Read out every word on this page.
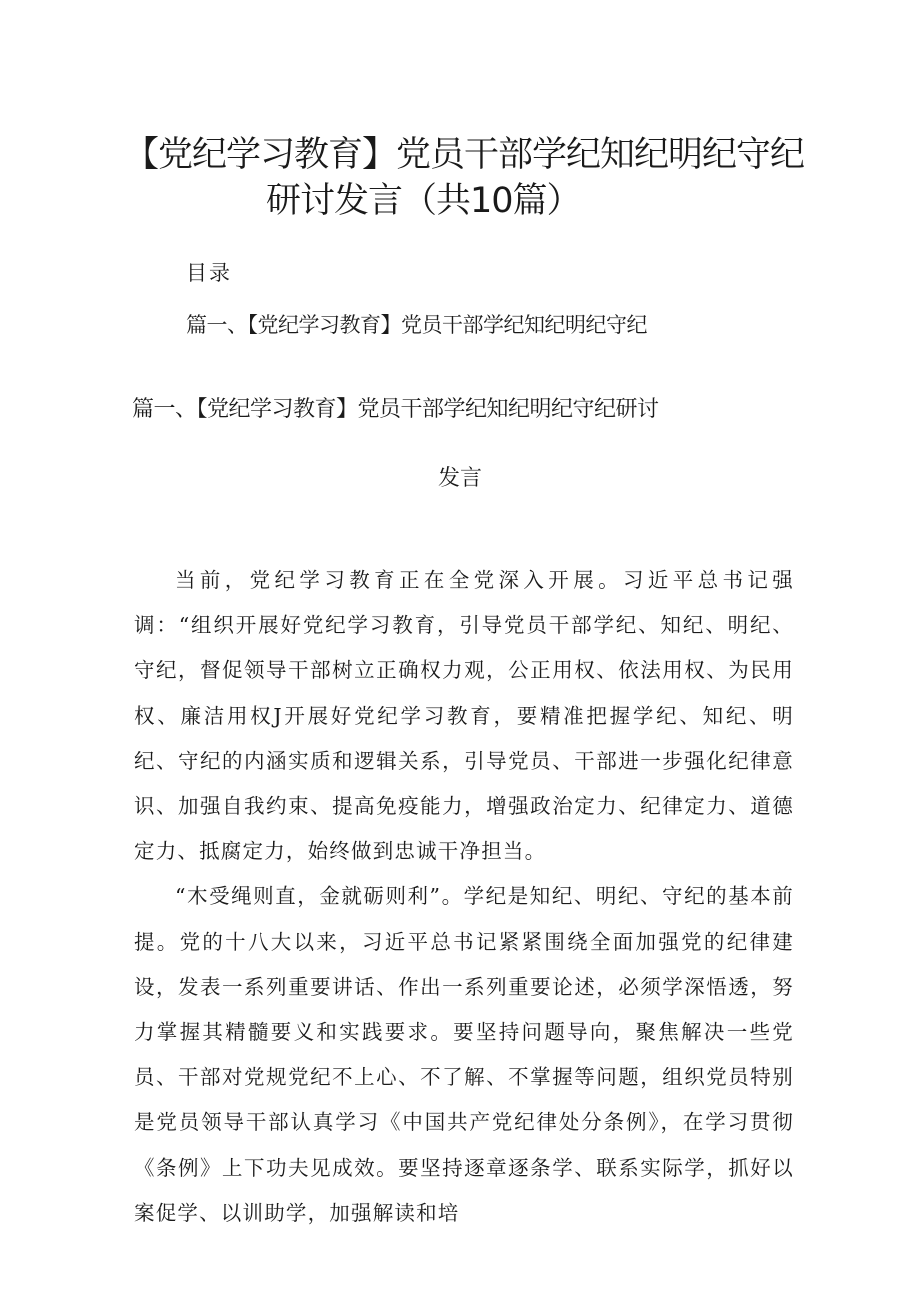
【党纪学习教育】党员干部学纪知纪明纪守纪
研讨发言（共10篇）
目录
篇一、【党纪学习教育】党员干部学纪知纪明纪守纪
篇一、【党纪学习教育】党员干部学纪知纪明纪守纪研讨
发言

当前，党纪学习教育正在全党深入开展。习近平总书记强调：“组织开展好党纪学习教育，引导党员干部学纪、知纪、明纪、守纪，督促领导干部树立正确权力观，公正用权、依法用权、为民用权、廉洁用权J开展好党纪学习教育，要精准把握学纪、知纪、明纪、守纪的内涵实质和逻辑关系，引导党员、干部进一步强化纪律意识、加强自我约束、提高免疫能力，增强政治定力、纪律定力、道德定力、抵腐定力，始终做到忠诚干净担当。

“木受绳则直，金就砺则利”。学纪是知纪、明纪、守纪的基本前提。党的十八大以来，习近平总书记紧紧围绕全面加强党的纪律建设，发表一系列重要讲话、作出一系列重要论述，必须学深悟透，努力掌握其精髓要义和实践要求。要坚持问题导向，聚焦解决一些党员、干部对党规党纪不上心、不了解、不掌握等问题，组织党员特别是党员领导干部认真学习《中国共产党纪律处分条例》，在学习贯彻《条例》上下功夫见成效。要坚持逐章逐条学、联系实际学，抓好以案促学、以训助学，加强解读和培
